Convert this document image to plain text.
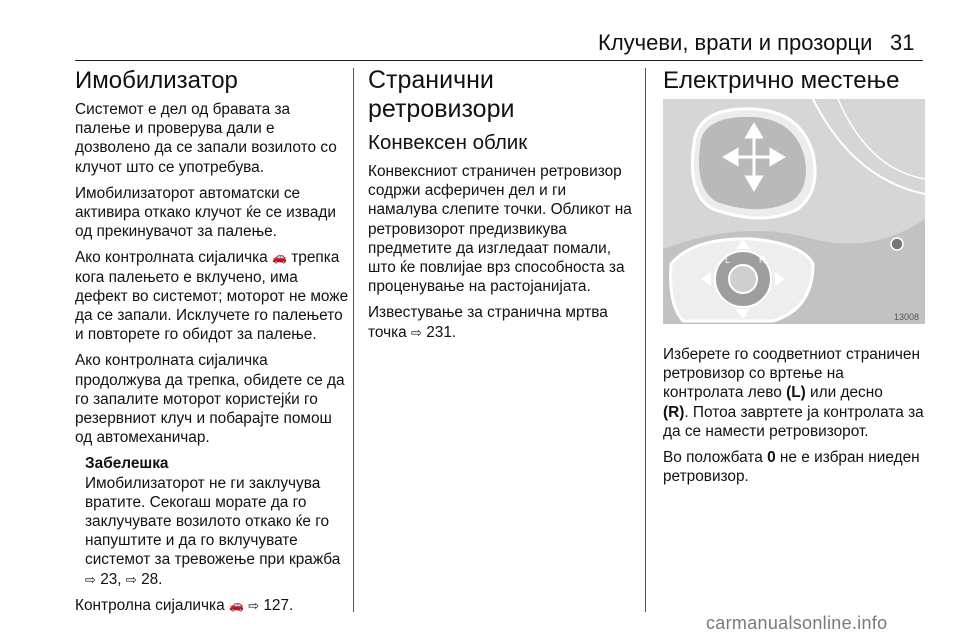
Клучеви, врати и прозорци 31
Имобилизатор

Системот е дел од бравата за палење и проверува дали е дозволено да се запали возилото со клучот што се употребува.

Имобилизаторот автоматски се активира откако клучот ќе се извади од прекинувачот за палење.

Ако контролната сијаличка 🚗 трепка кога палењето е вклучено, има дефект во системот; моторот не може да се запали. Исклучете го палењето и повторете го обидот за палење.

Ако контролната сијаличка продолжува да трепка, обидете се да го запалите моторот користејќи го резервниот клуч и побарајте помош од автомеханичар.

Забелешка

Имобилизаторот не ги заклучува вратите. Секогаш морате да го заклучувате возилото откако ќе го напуштите и да го вклучувате системот за тревожење при кражба ⇨ 23, ⇨ 28.

Контролна сијаличка 🚗 ⇨ 127.

Странични ретровизори
Конвексен облик

Конвексниот страничен ретровизор содржи асферичен дел и ги намалува слепите точки. Обликот на ретровизорот предизвикува предметите да изгледаат помали, што ќе повлијае врз способноста за проценување на растојанијата.

Известување за странична мртва точка ⇨ 231.

Електрично местење
L	R
13008

Изберете го соодветниот страничен ретровизор со вртење на контролата лево (L) или десно
(R). Потоа завртете ја контролата за да се намести ретровизорот.

Во положбата 0 не е избран ниеден ретровизор.

carmanualsonline.info
